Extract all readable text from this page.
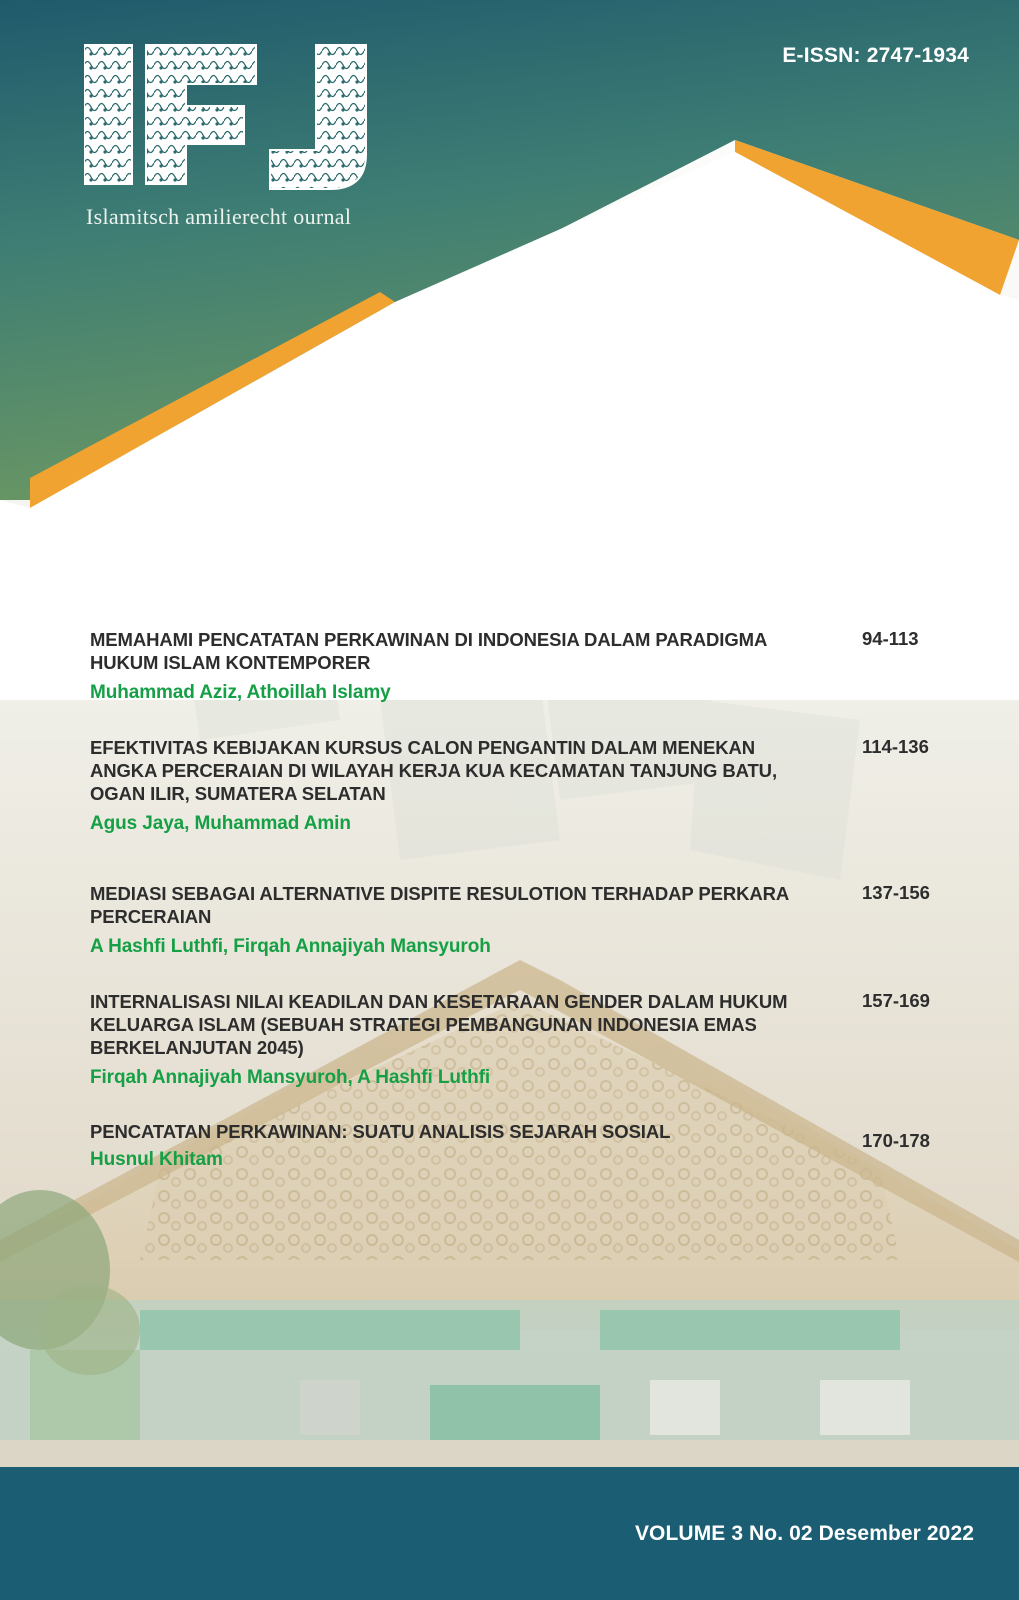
Islamitsch amilierecht ournal
E-ISSN: 2747-1934
MEMAHAMI PENCATATAN PERKAWINAN DI INDONESIA DALAM PARADIGMA HUKUM ISLAM KONTEMPORER
Muhammad Aziz, Athoillah Islamy
94-113
EFEKTIVITAS KEBIJAKAN KURSUS CALON PENGANTIN DALAM MENEKAN ANGKA PERCERAIAN DI WILAYAH KERJA KUA KECAMATAN TANJUNG BATU, OGAN ILIR, SUMATERA SELATAN
Agus Jaya, Muhammad Amin
114-136
MEDIASI SEBAGAI ALTERNATIVE DISPITE RESULOTION TERHADAP PERKARA PERCERAIAN
A Hashfi Luthfi, Firqah Annajiyah Mansyuroh
137-156
INTERNALISASI NILAI KEADILAN DAN KESETARAAN GENDER DALAM HUKUM KELUARGA ISLAM (SEBUAH STRATEGI PEMBANGUNAN INDONESIA EMAS BERKELANJUTAN 2045)
Firqah Annajiyah Mansyuroh, A Hashfi Luthfi
157-169
PENCATATAN PERKAWINAN: SUATU ANALISIS SEJARAH SOSIAL
Husnul Khitam
170-178
VOLUME 3 No. 02 Desember 2022
